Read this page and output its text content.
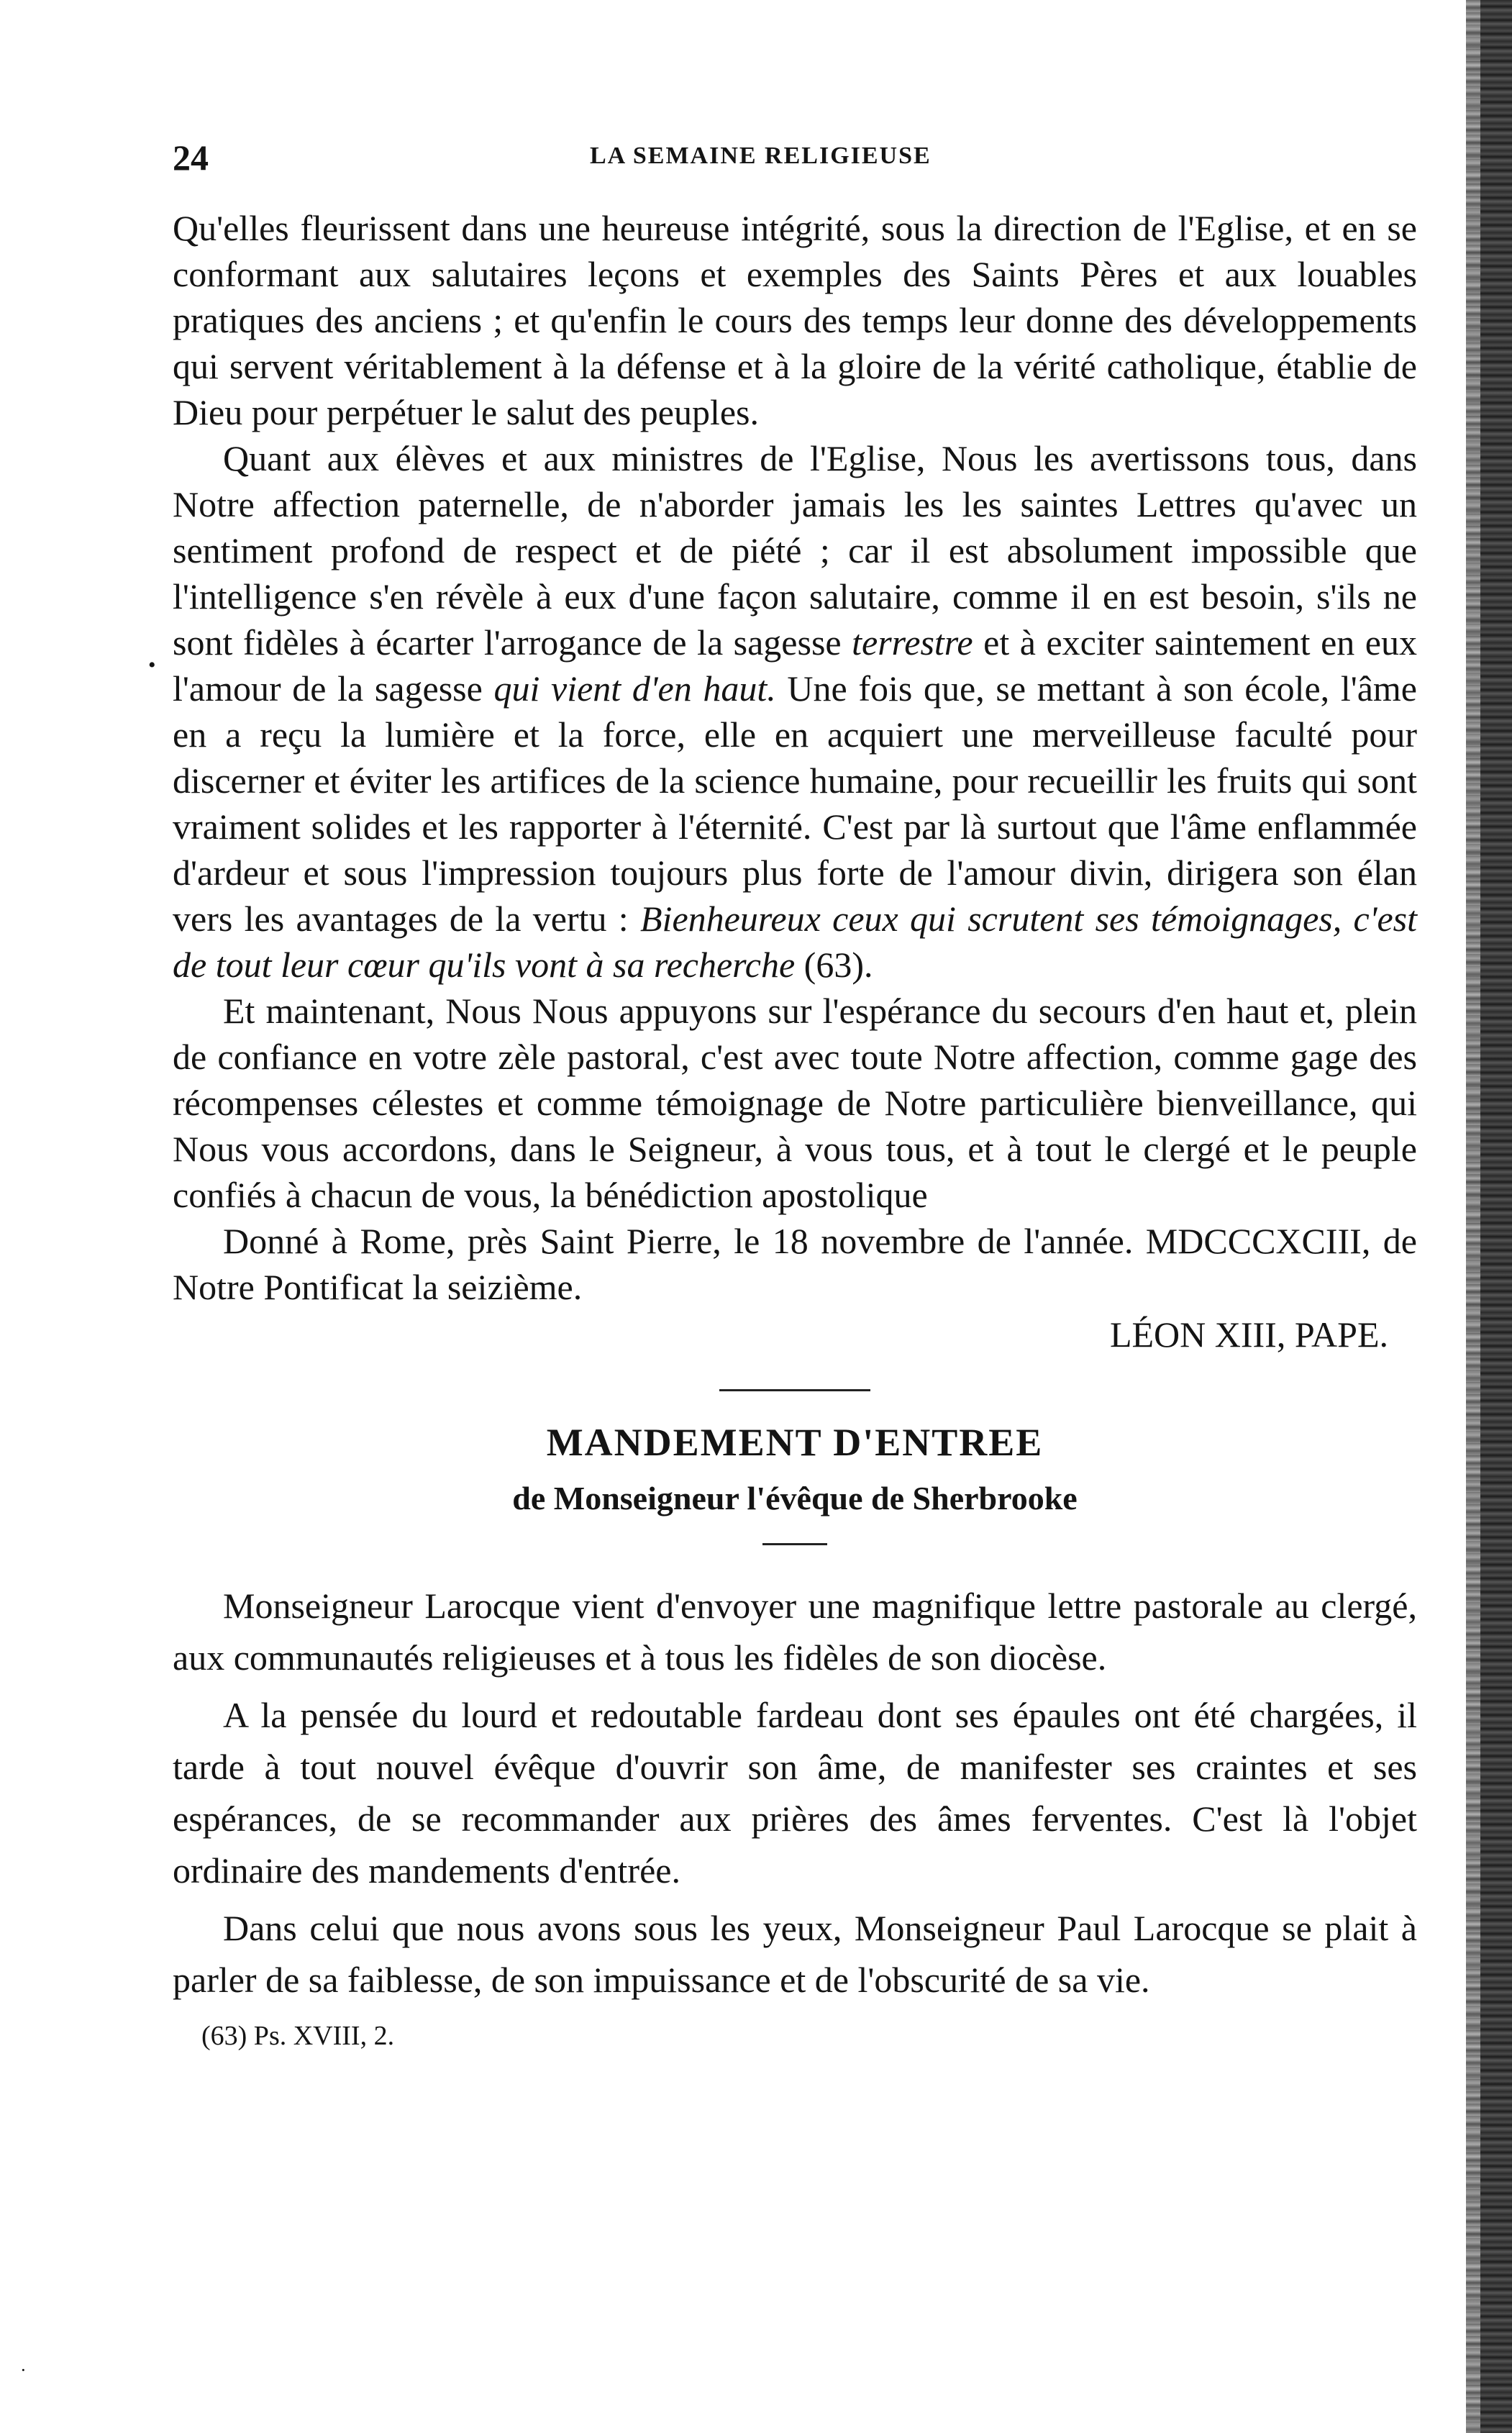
24	LA SEMAINE RELIGIEUSE

Qu'elles fleurissent dans une heureuse intégrité, sous la direction de l'Eglise, et en se conformant aux salutaires leçons et exemples des Saints Pères et aux louables pratiques des anciens ; et qu'enfin le cours des temps leur donne des développements qui servent véritablement à la défense et à la gloire de la vérité catholique, établie de Dieu pour perpétuer le salut des peuples.

Quant aux élèves et aux ministres de l'Eglise, Nous les avertissons tous, dans Notre affection paternelle, de n'aborder jamais les les saintes Lettres qu'avec un sentiment profond de respect et de piété ; car il est absolument impossible que l'intelligence s'en révèle à eux d'une façon salutaire, comme il en est besoin, s'ils ne sont fidèles à écarter l'arrogance de la sagesse terrestre et à exciter saintement en eux l'amour de la sagesse qui vient d'en haut. Une fois que, se mettant à son école, l'âme en a reçu la lumière et la force, elle en acquiert une merveilleuse faculté pour discerner et éviter les artifices de la science humaine, pour recueillir les fruits qui sont vraiment solides et les rapporter à l'éternité. C'est par là surtout que l'âme enflammée d'ardeur et sous l'impression toujours plus forte de l'amour divin, dirigera son élan vers les avantages de la vertu : Bienheureux ceux qui scrutent ses témoignages, c'est de tout leur cœur qu'ils vont à sa recherche (63).

Et maintenant, Nous Nous appuyons sur l'espérance du secours d'en haut et, plein de confiance en votre zèle pastoral, c'est avec toute Notre affection, comme gage des récompenses célestes et comme témoignage de Notre particulière bienveillance, qui Nous vous accordons, dans le Seigneur, à vous tous, et à tout le clergé et le peuple confiés à chacun de vous, la bénédiction apostolique

Donné à Rome, près Saint Pierre, le 18 novembre de l'année. MDCCCXCIII, de Notre Pontificat la seizième.

LÉON XIII, PAPE.
MANDEMENT D'ENTREE
de Monseigneur l'évêque de Sherbrooke

Monseigneur Larocque vient d'envoyer une magnifique lettre pastorale au clergé, aux communautés religieuses et à tous les fidèles de son diocèse.

A la pensée du lourd et redoutable fardeau dont ses épaules ont été chargées, il tarde à tout nouvel évêque d'ouvrir son âme, de manifester ses craintes et ses espérances, de se recommander aux prières des âmes ferventes. C'est là l'objet ordinaire des mandements d'entrée.

Dans celui que nous avons sous les yeux, Monseigneur Paul Larocque se plait à parler de sa faiblesse, de son impuissance et de l'obscurité de sa vie.

(63) Ps. XVIII, 2.
•
·
